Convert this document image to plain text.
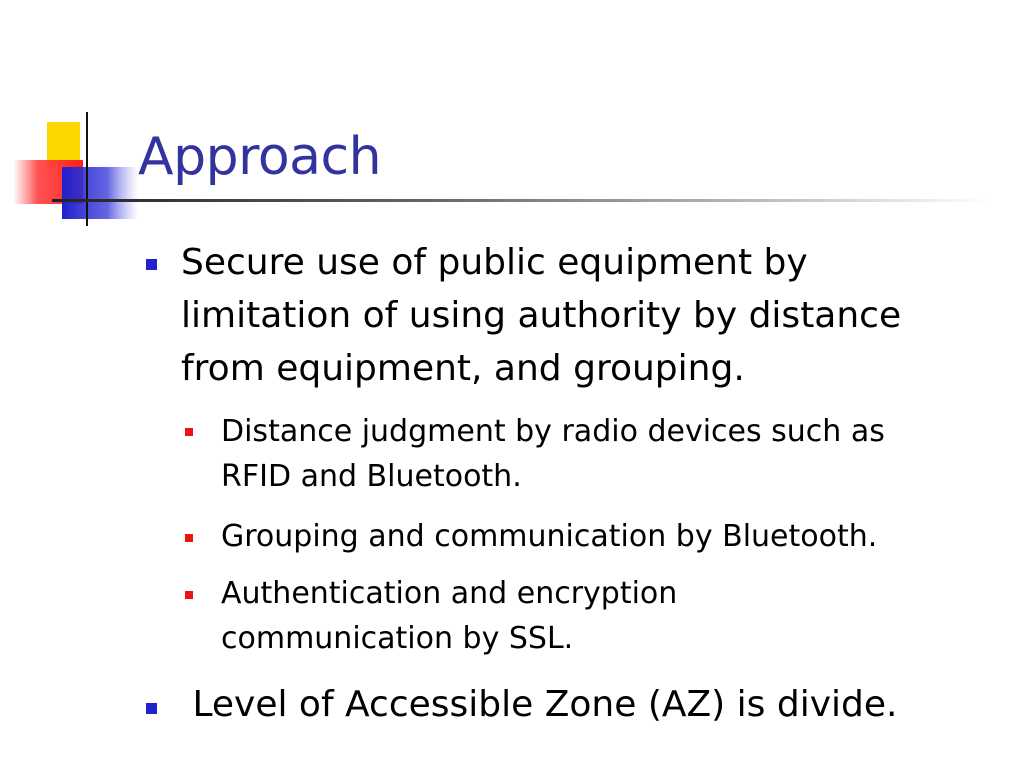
Approach
Secure use of public equipment by
limitation of using authority by distance
from equipment, and grouping.
Distance judgment by radio devices such as
RFID and Bluetooth.
Grouping and communication by Bluetooth.
Authentication and encryption
communication by SSL.
Level of Accessible Zone (AZ) is divide.
